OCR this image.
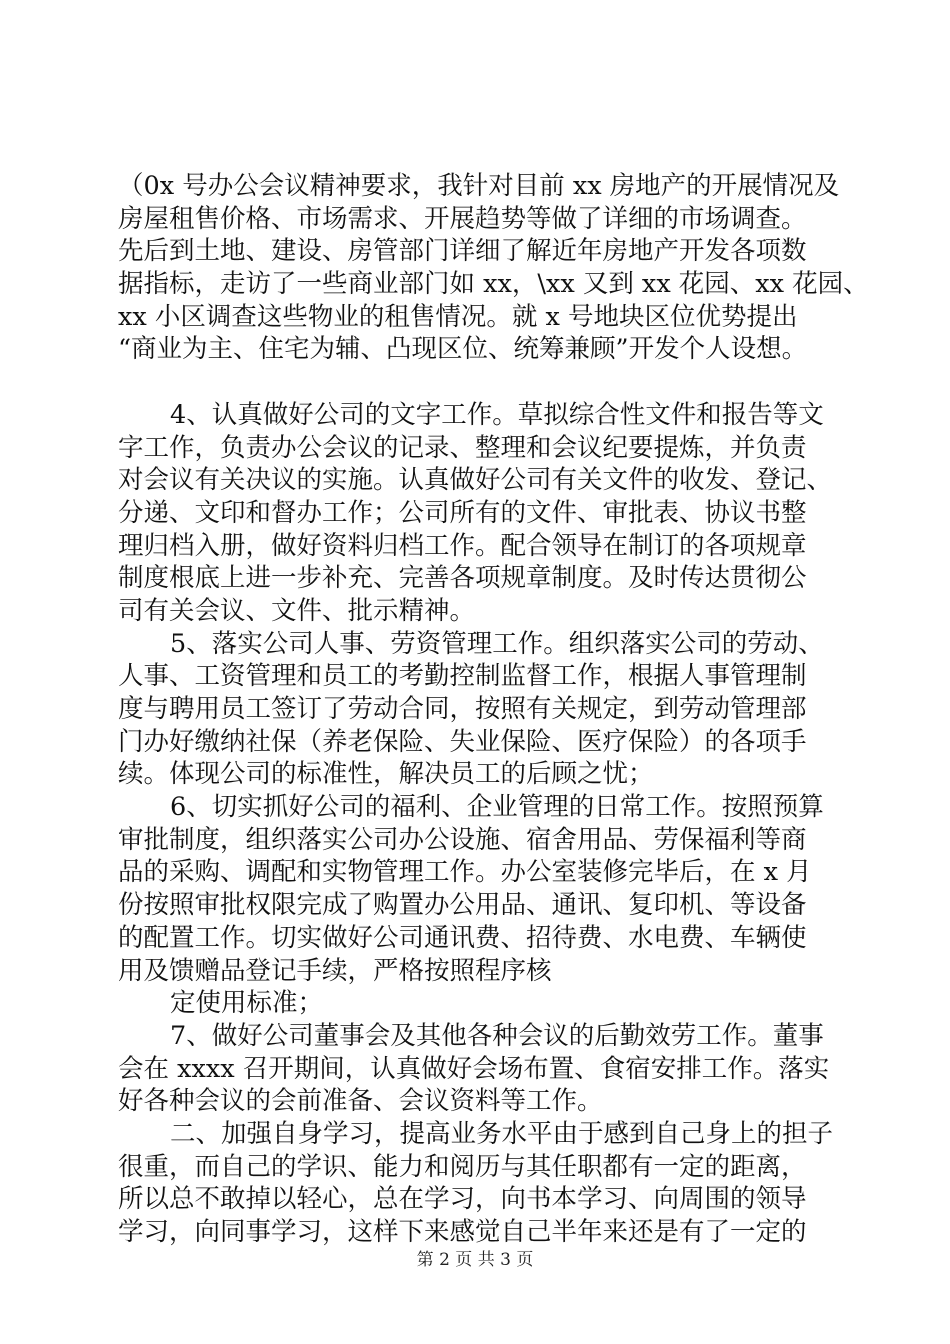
（0x 号办公会议精神要求，我针对目前 xx 房地产的开展情况及
房屋租售价格、市场需求、开展趋势等做了详细的市场调查。
先后到土地、建设、房管部门详细了解近年房地产开发各项数
据指标，走访了一些商业部门如 xx，\xx 又到 xx 花园、xx 花园、
xx 小区调查这些物业的租售情况。就 x 号地块区位优势提出
“商业为主、住宅为辅、凸现区位、统筹兼顾”开发个人设想。
4、认真做好公司的文字工作。草拟综合性文件和报告等文
字工作，负责办公会议的记录、整理和会议纪要提炼，并负责
对会议有关决议的实施。认真做好公司有关文件的收发、登记、
分递、文印和督办工作；公司所有的文件、审批表、协议书整
理归档入册，做好资料归档工作。配合领导在制订的各项规章
制度根底上进一步补充、完善各项规章制度。及时传达贯彻公
司有关会议、文件、批示精神。
5、落实公司人事、劳资管理工作。组织落实公司的劳动、
人事、工资管理和员工的考勤控制监督工作，根据人事管理制
度与聘用员工签订了劳动合同，按照有关规定，到劳动管理部
门办好缴纳社保（养老保险、失业保险、医疗保险）的各项手
续。体现公司的标准性，解决员工的后顾之忧；
6、切实抓好公司的福利、企业管理的日常工作。按照预算
审批制度，组织落实公司办公设施、宿舍用品、劳保福利等商
品的采购、调配和实物管理工作。办公室装修完毕后，在 x 月
份按照审批权限完成了购置办公用品、通讯、复印机、等设备
的配置工作。切实做好公司通讯费、招待费、水电费、车辆使
用及馈赠品登记手续，严格按照程序核
定使用标准；
7、做好公司董事会及其他各种会议的后勤效劳工作。董事
会在 xxxx 召开期间，认真做好会场布置、食宿安排工作。落实
好各种会议的会前准备、会议资料等工作。
二、加强自身学习，提高业务水平由于感到自己身上的担子
很重，而自己的学识、能力和阅历与其任职都有一定的距离，
所以总不敢掉以轻心，总在学习，向书本学习、向周围的领导
学习，向同事学习，这样下来感觉自己半年来还是有了一定的
第 2 页 共 3 页
